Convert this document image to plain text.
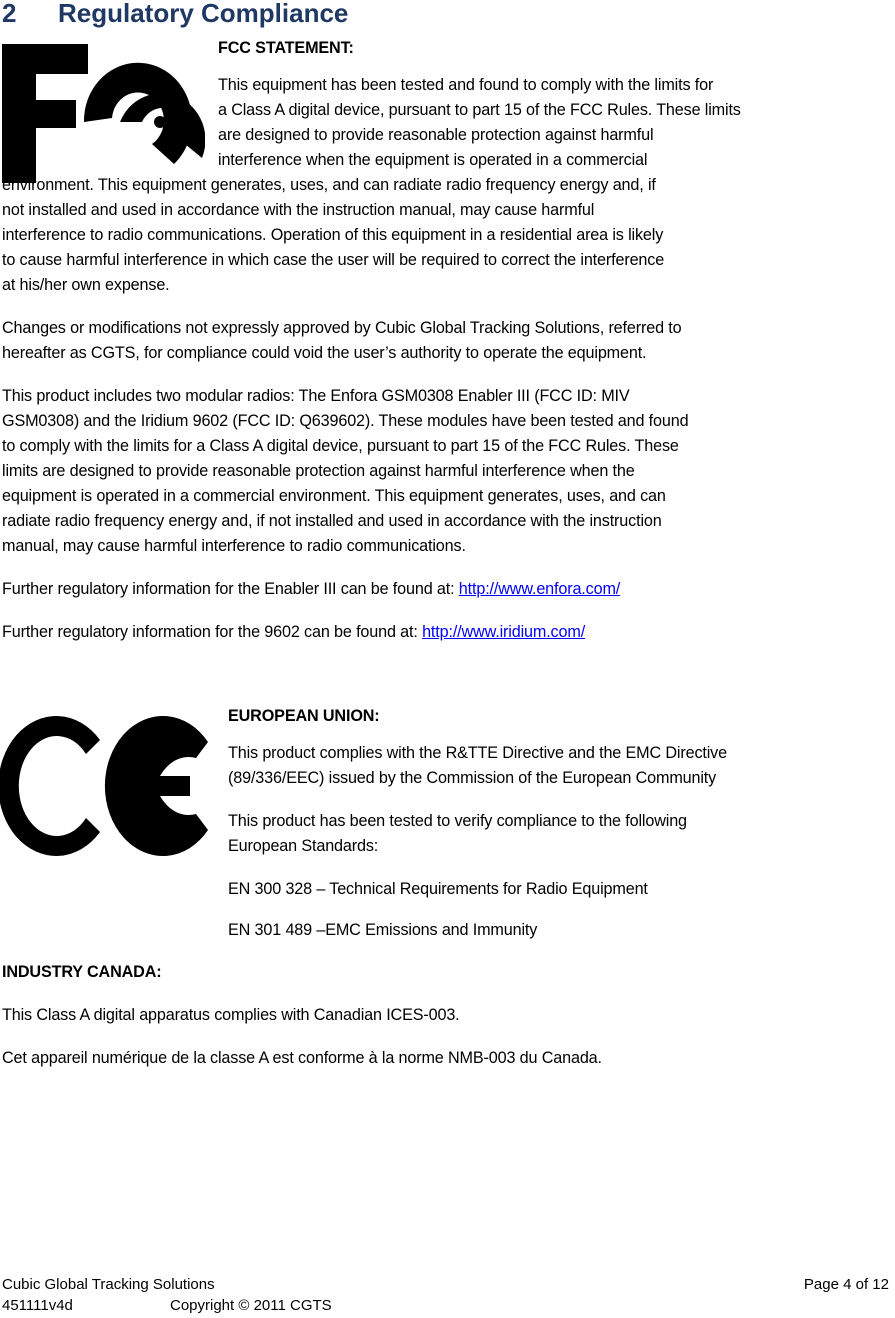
2 Regulatory Compliance
FCC STATEMENT:
This equipment has been tested and found to comply with the limits for
a Class A digital device, pursuant to part 15 of the FCC Rules. These limits
are designed to provide reasonable protection against harmful
interference when the equipment is operated in a commercial
environment. This equipment generates, uses, and can radiate radio frequency energy and, if
not installed and used in accordance with the instruction manual, may cause harmful
interference to radio communications. Operation of this equipment in a residential area is likely
to cause harmful interference in which case the user will be required to correct the interference
at his/her own expense.
Changes or modifications not expressly approved by Cubic Global Tracking Solutions, referred to
hereafter as CGTS, for compliance could void the user’s authority to operate the equipment.
This product includes two modular radios: The Enfora GSM0308 Enabler III (FCC ID: MIV
GSM0308) and the Iridium 9602 (FCC ID: Q639602). These modules have been tested and found
to comply with the limits for a Class A digital device, pursuant to part 15 of the FCC Rules. These
limits are designed to provide reasonable protection against harmful interference when the
equipment is operated in a commercial environment. This equipment generates, uses, and can
radiate radio frequency energy and, if not installed and used in accordance with the instruction
manual, may cause harmful interference to radio communications.
Further regulatory information for the Enabler III can be found at: http://www.enfora.com/
Further regulatory information for the 9602 can be found at: http://www.iridium.com/
EUROPEAN UNION:
This product complies with the R&TTE Directive and the EMC Directive
(89/336/EEC) issued by the Commission of the European Community
This product has been tested to verify compliance to the following
European Standards:
EN 300 328 – Technical Requirements for Radio Equipment
EN 301 489 –EMC Emissions and Immunity
INDUSTRY CANADA:
This Class A digital apparatus complies with Canadian ICES-003.
Cet appareil numérique de la classe A est conforme à la norme NMB-003 du Canada.
Cubic Global Tracking Solutions	Page 4 of 12
451111v4d	Copyright © 2011 CGTS
